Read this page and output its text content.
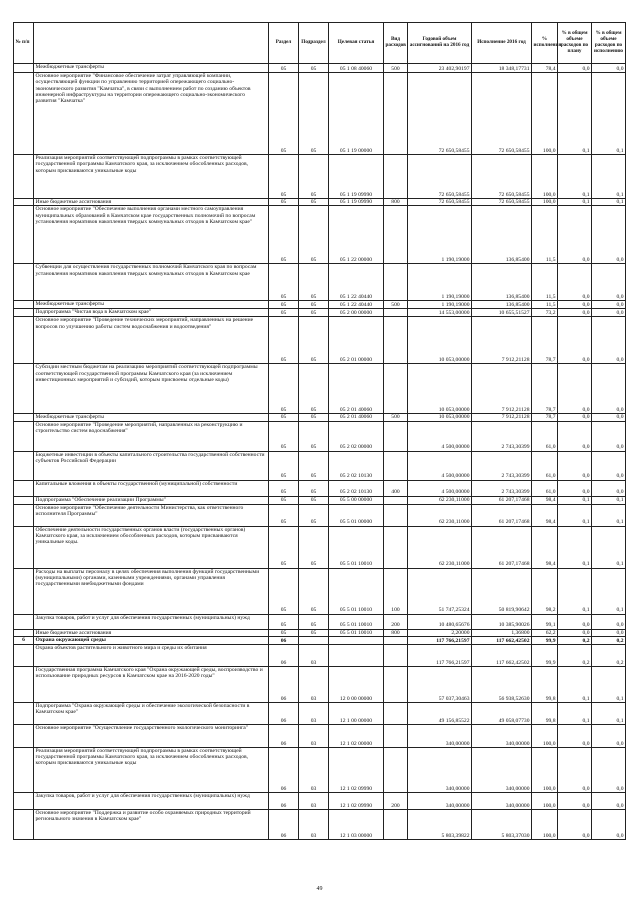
№ п/п		Раздел	Подраздел	Целевая статья	Вид расходов	Годовой объем ассигнований на 2016 год	Исполнение 2016 год	% исполнения	% в общем объеме расходов по плану	% в общем объеме расходов по исполнению
	Межбюджетные трансферты	05	05	05 1 08 40060	500	23 402,90197	18 348,17731	78,4	0,0	0,0
	Основное мероприятие "Финансовое обеспечение затрат управляющей компании, осуществляющей функции по управлению территорией опережающего социально-экономического развития "Камчатка", в связи с выполнением работ по созданию объектов инженерной инфраструктуры на территории опережающего социально-экономического развития "Камчатка"	05	05	05 1 19 00000		72 650,58455	72 650,58455	100,0	0,1	0,1
	Реализация мероприятий соответствующей подпрограммы в рамках соответствующей государственной программы Камчатского края, за исключением обособленных расходов, которым присваиваются уникальные коды	05	05	05 1 19 09990		72 650,58455	72 650,58455	100,0	0,1	0,1
	Иные бюджетные ассигнования	05	05	05 1 19 09990	800	72 650,58455	72 650,58455	100,0	0,1	0,1
	Основное мероприятие "Обеспечение выполнения органами местного самоуправления муниципальных образований в Камчатском крае государственных полномочий по вопросам установления нормативов накопления твердых коммунальных отходов в Камчатском крае"	05	05	05 1 22 00000		1 190,19000	136,85400	11,5	0,0	0,0
	Субвенции для осуществления государственных полномочий Камчатского края по вопросам установления нормативов накопления твердых коммунальных отходов в Камчатском крае	05	05	05 1 22 40440		1 190,19000	136,85400	11,5	0,0	0,0
	Межбюджетные трансферты	05	05	05 1 22 40440	500	1 190,19000	136,85400	11,5	0,0	0,0
	Подпрограмма "Чистая вода в Камчатском крае"	05	05	05 2 00 00000		14 553,00000	10 655,51527	73,2	0,0	0,0
	Основное мероприятие "Проведение технических мероприятий, направленных на решение вопросов по улучшению работы систем водоснабжения и водоотведения"	05	05	05 2 01 00000		10 053,00000	7 912,21128	78,7	0,0	0,0
	Субсидии местным бюджетам на реализацию мероприятий соответствующей подпрограммы соответствующей государственной программы Камчатского края (за исключением инвестиционных мероприятий и субсидий, которым присвоены отдельные коды)	05	05	05 2 01 40060		10 053,00000	7 912,21128	78,7	0,0	0,0
	Межбюджетные трансферты	05	05	05 2 01 40060	500	10 053,00000	7 912,21128	78,7	0,0	0,0
	Основное мероприятие "Проведение мероприятий, направленных на реконструкцию и строительство систем водоснабжения"	05	05	05 2 02 00000		4 500,00000	2 743,30399	61,0	0,0	0,0
	Бюджетные инвестиции в объекты капитального строительства государственной собственности субъектов Российской Федерации	05	05	05 2 02 10130		4 500,00000	2 743,30399	61,0	0,0	0,0
	Капитальные вложения в объекты государственной (муниципальной) собственности	05	05	05 2 02 10130	400	4 500,00000	2 743,30399	61,0	0,0	0,0
	Подпрограмма "Обеспечение реализации Программы"	05	05	05 5 00 00000		62 230,11000	61 207,17468	98,4	0,1	0,1
	Основное мероприятие "Обеспечение деятельности Министерства, как ответственного исполнителя Программы"	05	05	05 5 01 00000		62 230,11000	61 207,17468	98,4	0,1	0,1
	Обеспечение деятельности государственных органов власти (государственных органов) Камчатского края, за исключением обособленных расходов, которым присваиваются уникальные коды.	05	05	05 5 01 10010		62 230,11000	61 207,17468	98,4	0,1	0,1
	Расходы на выплаты персоналу в целях обеспечения выполнения функций государственными (муниципальными) органами, казенными учреждениями, органами управления государственными внебюджетными фондами	05	05	05 5 01 10010	100	51 747,25324	50 819,90642	98,2	0,1	0,1
	Закупка товаров, работ и услуг для обеспечения государственных (муниципальных) нужд	05	05	05 5 01 10010	200	10 480,65676	10 385,90026	99,1	0,0	0,0
	Иные бюджетные ассигнования	05	05	05 5 01 10010	800	2,20000	1,36800	62,2	0,0	0,0
6	Охрана окружающей среды	06				117 766,21597	117 662,42502	99,9	0,2	0,2
	Охрана объектов растительного и животного мира и среды их обитания	06	03			117 766,21597	117 662,42502	99,9	0,2	0,2
	Государственная программа Камчатского края "Охрана окружающей среды, воспроизводство и использование природных ресурсов в Камчатском крае на 2016-2020 годы"	06	03	12 0 00 00000		57 037,30463	56 938,52630	99,8	0,1	0,1
	Подпрограмма "Охрана окружающей среды и обеспечение экологической безопасности в Камчатском крае"	06	03	12 1 00 00000		49 156,85522	49 058,07730	99,8	0,1	0,1
	Основное мероприятие "Осуществление государственного экологического мониторинга"	06	03	12 1 02 00000		340,00000	340,00000	100,0	0,0	0,0
	Реализация мероприятий соответствующей подпрограммы в рамках соответствующей государственной программы Камчатского края, за исключением обособленных расходов, которым присваиваются уникальные коды	06	03	12 1 02 09990		340,00000	340,00000	100,0	0,0	0,0
	Закупка товаров, работ и услуг для обеспечения государственных (муниципальных) нужд	06	03	12 1 02 09990	200	340,00000	340,00000	100,0	0,0	0,0
	Основное мероприятие "Поддержка и развитие особо охраняемых природных территорий регионального значения в Камчатском крае"	06	03	12 1 03 00000		5 803,39822	5 803,37030	100,0	0,0	0,0
49
